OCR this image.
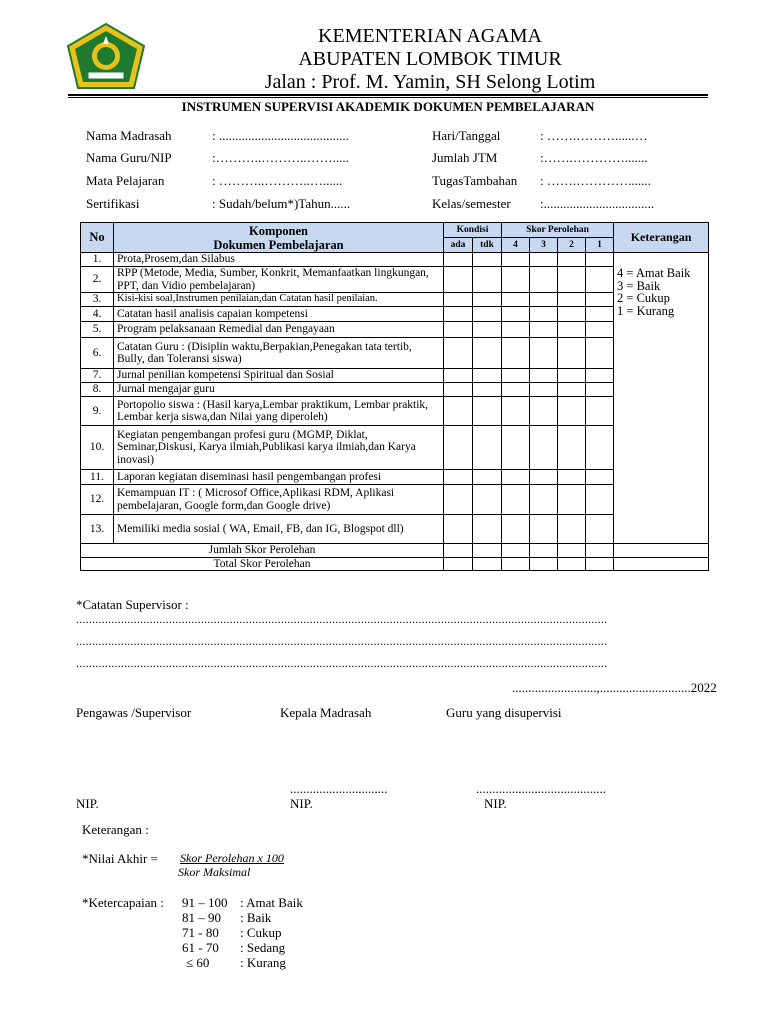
KEMENTERIAN AGAMA
ABUPATEN LOMBOK TIMUR
Jalan : Prof. M. Yamin, SH Selong Lotim
INSTRUMEN SUPERVISI AKADEMIK DOKUMEN PEMBELAJARAN
Nama Madrasah	: ........................................
Nama Guru/NIP	:………..………..…….....
Mata Pelajaran	: ………..………..…......
Sertifikasi	: Sudah/belum*)Tahun......
Hari/Tanggal	: …….………......…
Jumlah JTM	:…….………….......
TugasTambahan : …….………….......
Kelas/semester :..................................
No	Komponen
Dokumen Pembelajaran	Kondisi		Skor Perolehan				Keterangan
		ada	tdk	4	3	2	1	
1.	Prota,Prosem,dan Silabus							4 = Amat Baik
3 = Baik
2 = Cukup
1 = Kurang

2.	RPP (Metode, Media, Sumber, Konkrit, Memanfaatkan lingkungan, PPT, dan Vidio pembelajaran)							
3.	Kisi-kisi soal,Instrumen penilaian,dan Catatan hasil penilaian.							
4.	Catatan hasil analisis capaian kompetensi							
5.	Program pelaksanaan Remedial dan Pengayaan							
6.	Catatan Guru : (Disiplin waktu,Berpakian,Penegakan tata tertib, Bully, dan Toleransi siswa)							
7.	Jurnal penilian kompetensi Spiritual dan Sosial							
8.	Jurnal mengajar guru							
9.	Portopolio siswa : (Hasil karya,Lembar praktikum, Lembar praktik, Lembar kerja siswa,dan Nilai yang diperoleh)							
10.	Kegiatan pengembangan profesi guru (MGMP, Diklat, Seminar,Diskusi, Karya ilmiah,Publikasi karya ilmiah,dan Karya inovasi)							
11.	Laporan kegiatan diseminasi hasil pengembangan profesi							
12.	Kemampuan IT : ( Microsof Office,Aplikasi RDM, Aplikasi pembelajaran, Google form,dan Google drive)							
13.	Memiliki media sosial ( WA, Email, FB, dan IG, Blogspot dll)							
Jumlah Skor Perolehan								
Total Skor Perolehan								
*Catatan Supervisor :
......................................................................................................................................................................
......................................................................................................................................................................
......................................................................................................................................................................
..........................,............................2022
Pengawas /Supervisor	Kepala Madrasah	Guru yang disupervisi
..............................	........................................
NIP.	NIP.	NIP.
Keterangan :
*Nilai Akhir = Skor Perolehan x 100
Skor Maksimal
*Ketercapaian : 91 – 100 : Amat Baik
81 – 90 : Baik
71 - 80 : Cukup
61 - 70 : Sedang
≤ 60 : Kurang
